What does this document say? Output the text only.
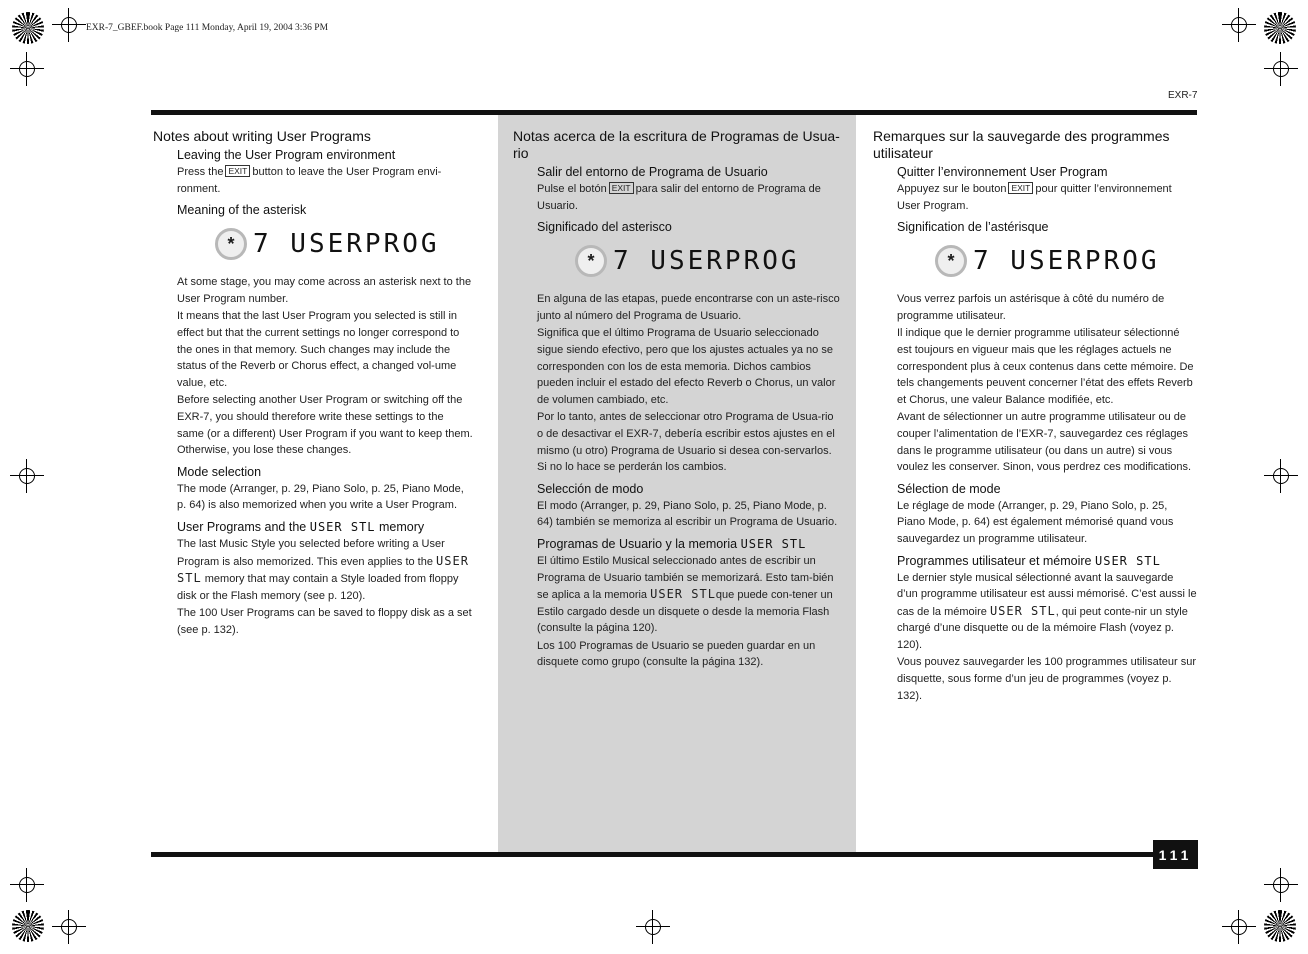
EXR-7_GBEF.book Page 111 Monday, April 19, 2004 3:36 PM
EXR-7
111
Notes about writing User Programs
Leaving the User Program environment

Press the EXIT button to leave the User Program envi-ronment.

Meaning of the asterisk
* 7 USERPROG

At some stage, you may come across an asterisk next to the User Program number.

It means that the last User Program you selected is still in effect but that the current settings no longer correspond to the ones in that memory. Such changes may include the status of the Reverb or Chorus effect, a changed vol-ume value, etc.

Before selecting another User Program or switching off the EXR-7, you should therefore write these settings to the same (or a different) User Program if you want to keep them. Otherwise, you lose these changes.

Mode selection

The mode (Arranger, p. 29, Piano Solo, p. 25, Piano Mode, p. 64) is also memorized when you write a User Program.

User Programs and the USER STL memory

The last Music Style you selected before writing a User Program is also memorized. This even applies to the USER STL memory that may contain a Style loaded from floppy disk or the Flash memory (see p. 120).

The 100 User Programs can be saved to floppy disk as a set (see p. 132).

Notas acerca de la escritura de Programas de Usua-rio
Salir del entorno de Programa de Usuario

Pulse el botón EXIT para salir del entorno de Programa de Usuario.

Significado del asterisco
* 7 USERPROG

En alguna de las etapas, puede encontrarse con un aste-risco junto al número del Programa de Usuario.

Significa que el último Programa de Usuario seleccionado sigue siendo efectivo, pero que los ajustes actuales ya no se corresponden con los de esta memoria. Dichos cambios pueden incluir el estado del efecto Reverb o Chorus, un valor de volumen cambiado, etc.

Por lo tanto, antes de seleccionar otro Programa de Usua-rio o de desactivar el EXR-7, debería escribir estos ajustes en el mismo (u otro) Programa de Usuario si desea con-servarlos. Si no lo hace se perderán los cambios.

Selección de modo

El modo (Arranger, p. 29, Piano Solo, p. 25, Piano Mode, p. 64) también se memoriza al escribir un Programa de Usuario.

Programas de Usuario y la memoria USER STL

El último Estilo Musical seleccionado antes de escribir un Programa de Usuario también se memorizará. Esto tam-bién se aplica a la memoria USER STLque puede con-tener un Estilo cargado desde un disquete o desde la memoria Flash (consulte la página 120).

Los 100 Programas de Usuario se pueden guardar en un disquete como grupo (consulte la página 132).

Remarques sur la sauvegarde des programmes utilisateur
Quitter l’environnement User Program

Appuyez sur le bouton EXIT pour quitter l’environnement User Program.

Signification de l’astérisque
* 7 USERPROG

Vous verrez parfois un astérisque à côté du numéro de programme utilisateur.

Il indique que le dernier programme utilisateur sélectionné est toujours en vigueur mais que les réglages actuels ne correspondent plus à ceux contenus dans cette mémoire. De tels changements peuvent concerner l’état des effets Reverb et Chorus, une valeur Balance modifiée, etc.

Avant de sélectionner un autre programme utilisateur ou de couper l’alimentation de l’EXR-7, sauvegardez ces réglages dans le programme utilisateur (ou dans un autre) si vous voulez les conserver. Sinon, vous perdrez ces modifications.

Sélection de mode

Le réglage de mode (Arranger, p. 29, Piano Solo, p. 25, Piano Mode, p. 64) est également mémorisé quand vous sauvegardez un programme utilisateur.

Programmes utilisateur et mémoire USER STL

Le dernier style musical sélectionné avant la sauvegarde d’un programme utilisateur est aussi mémorisé. C’est aussi le cas de la mémoire USER STL, qui peut conte-nir un style chargé d’une disquette ou de la mémoire Flash (voyez p. 120).

Vous pouvez sauvegarder les 100 programmes utilisateur sur disquette, sous forme d’un jeu de programmes (voyez p. 132).
